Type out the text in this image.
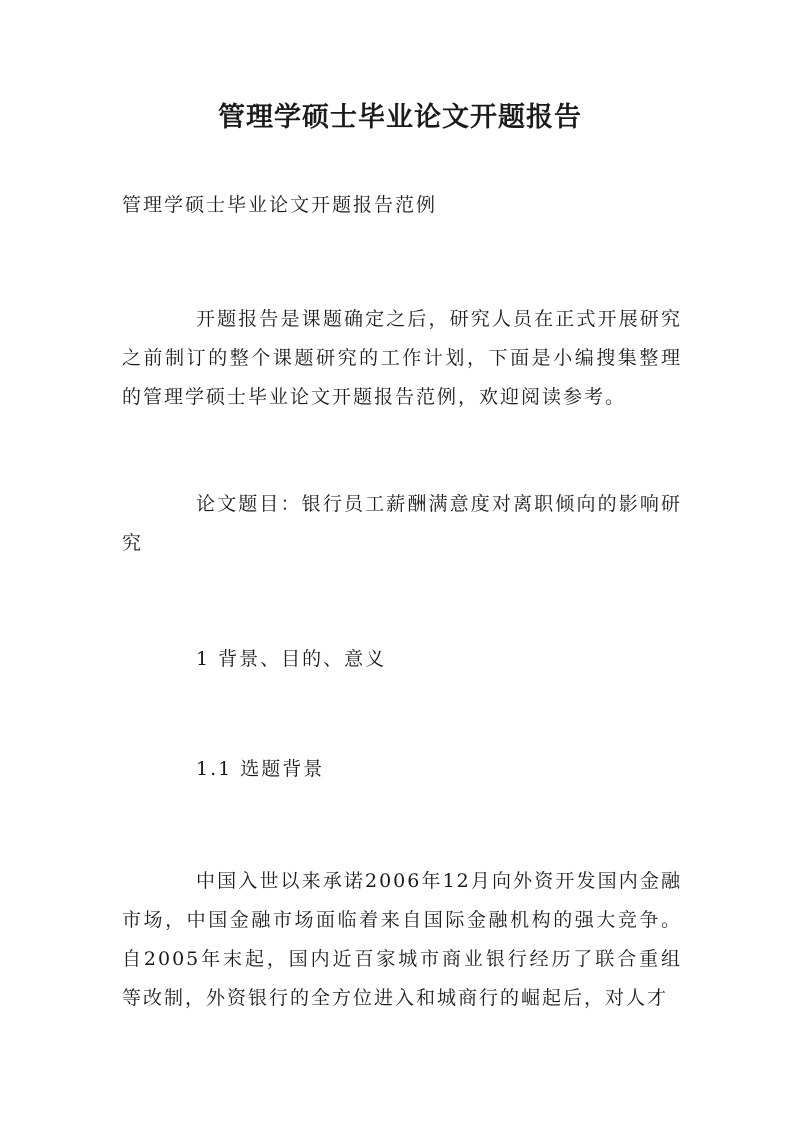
管理学硕士毕业论文开题报告

管理学硕士毕业论文开题报告范例

开题报告是课题确定之后，研究人员在正式开展研究之前制订的整个课题研究的工作计划，下面是小编搜集整理的管理学硕士毕业论文开题报告范例，欢迎阅读参考。

论文题目：银行员工薪酬满意度对离职倾向的影响研究

1 背景、目的、意义

1.1 选题背景

中国入世以来承诺2006年12月向外资开发国内金融市场，中国金融市场面临着来自国际金融机构的强大竞争。自2005年末起，国内近百家城市商业银行经历了联合重组等改制，外资银行的全方位进入和城商行的崛起后，对人才
